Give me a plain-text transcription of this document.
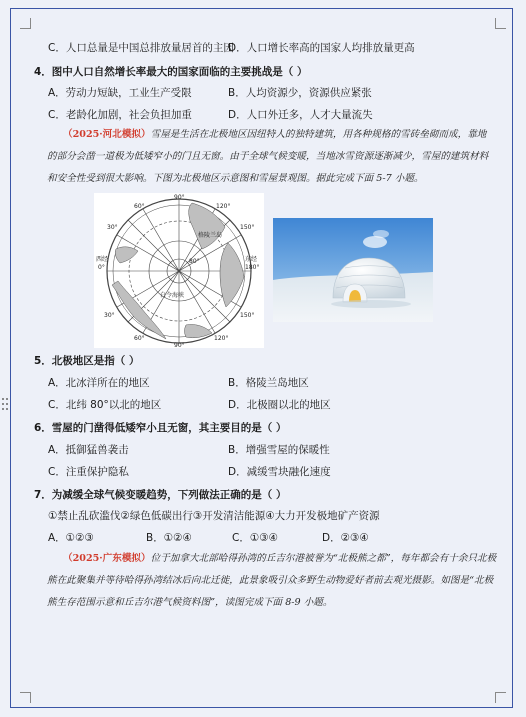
C．人口总量是中国总排放量居首的主因
D．人口增长率高的国家人均排放量更高
4．图中人口自然增长率最大的国家面临的主要挑战是（ ）
A．劳动力短缺，工业生产受限	B．人均资源少，资源供应紧张
C．老龄化加剧，社会负担加重	D．人口外迁多，人才大量流失
（2025·河北模拟）雪屋是生活在北极地区因纽特人的独特建筑，用各种规格的雪砖垒砌而成，靠地
的部分会凿一道极为低矮窄小的门且无窗。由于全球气候变暖，当地冰雪资源逐渐减少，雪屋的建筑材料
和安全性受到很大影响。下图为北极地区示意图和雪屋景观图。据此完成下面 5-7 小题。
90°
60°	120°
30°	150°
西经
0°	180°
东经
30°	150°
60°	120°
90°
80°
白令海峡
格陵兰岛
5．北极地区是指（ ）
A．北冰洋所在的地区	B．格陵兰岛地区
C．北纬 80°以北的地区	D．北极圈以北的地区
6．雪屋的门凿得低矮窄小且无窗，其主要目的是（ ）
A．抵御猛兽袭击	B．增强雪屋的保暖性
C．注重保护隐私	D．减缓雪块融化速度
7．为减缓全球气候变暖趋势，下列做法正确的是（ ）
①禁止乱砍滥伐②绿色低碳出行③开发清洁能源④大力开发极地矿产资源
A．①②③	B．①②④	C．①③④	D．②③④
（2025·广东模拟）位于加拿大北部哈得孙湾的丘吉尔港被誉为“北极熊之都”，每年都会有十余只北极
熊在此聚集并等待哈得孙湾结冰后向北迁徙，此景象吸引众多野生动物爱好者前去观光摄影。如图是“北极
熊生存范围示意和丘吉尔港气候资料图”，读图完成下面 8-9 小题。
